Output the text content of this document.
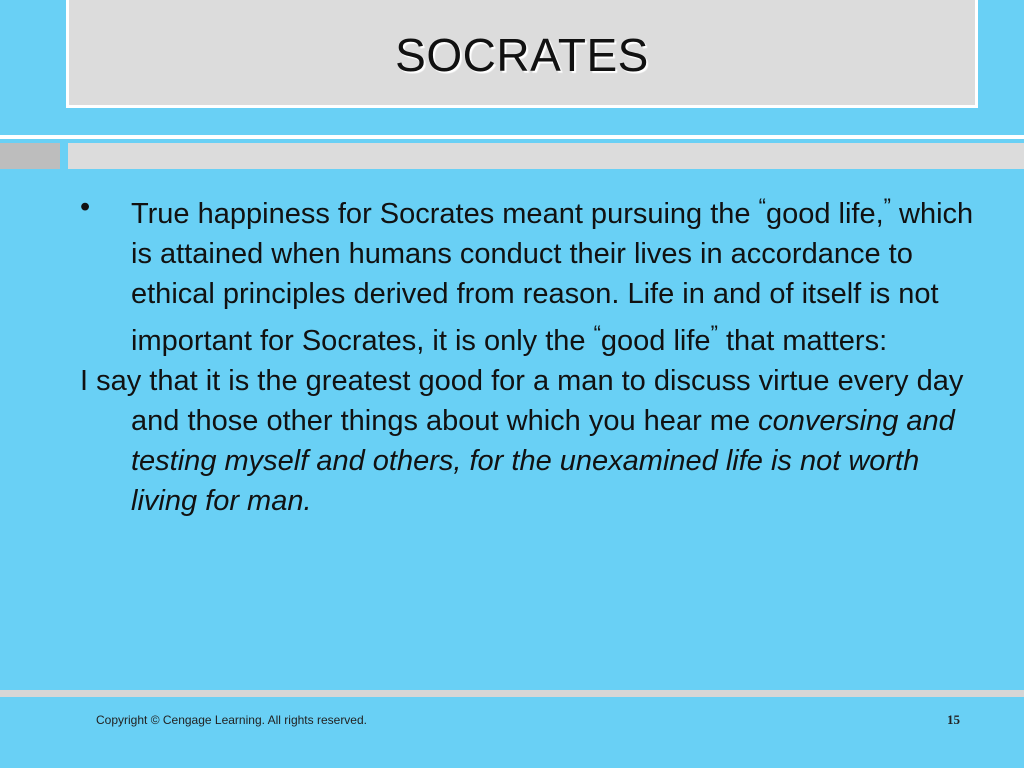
SOCRATES

• True happiness for Socrates meant pursuing the “good life,” which is attained when humans conduct their lives in accordance to ethical principles derived from reason. Life in and of itself is not important for Socrates, it is only the “good life” that matters:

I say that it is the greatest good for a man to discuss virtue every day and those other things about which you hear me conversing and testing myself and others, for the unexamined life is not worth living for man.

Copyright © Cengage Learning. All rights reserved.	15
